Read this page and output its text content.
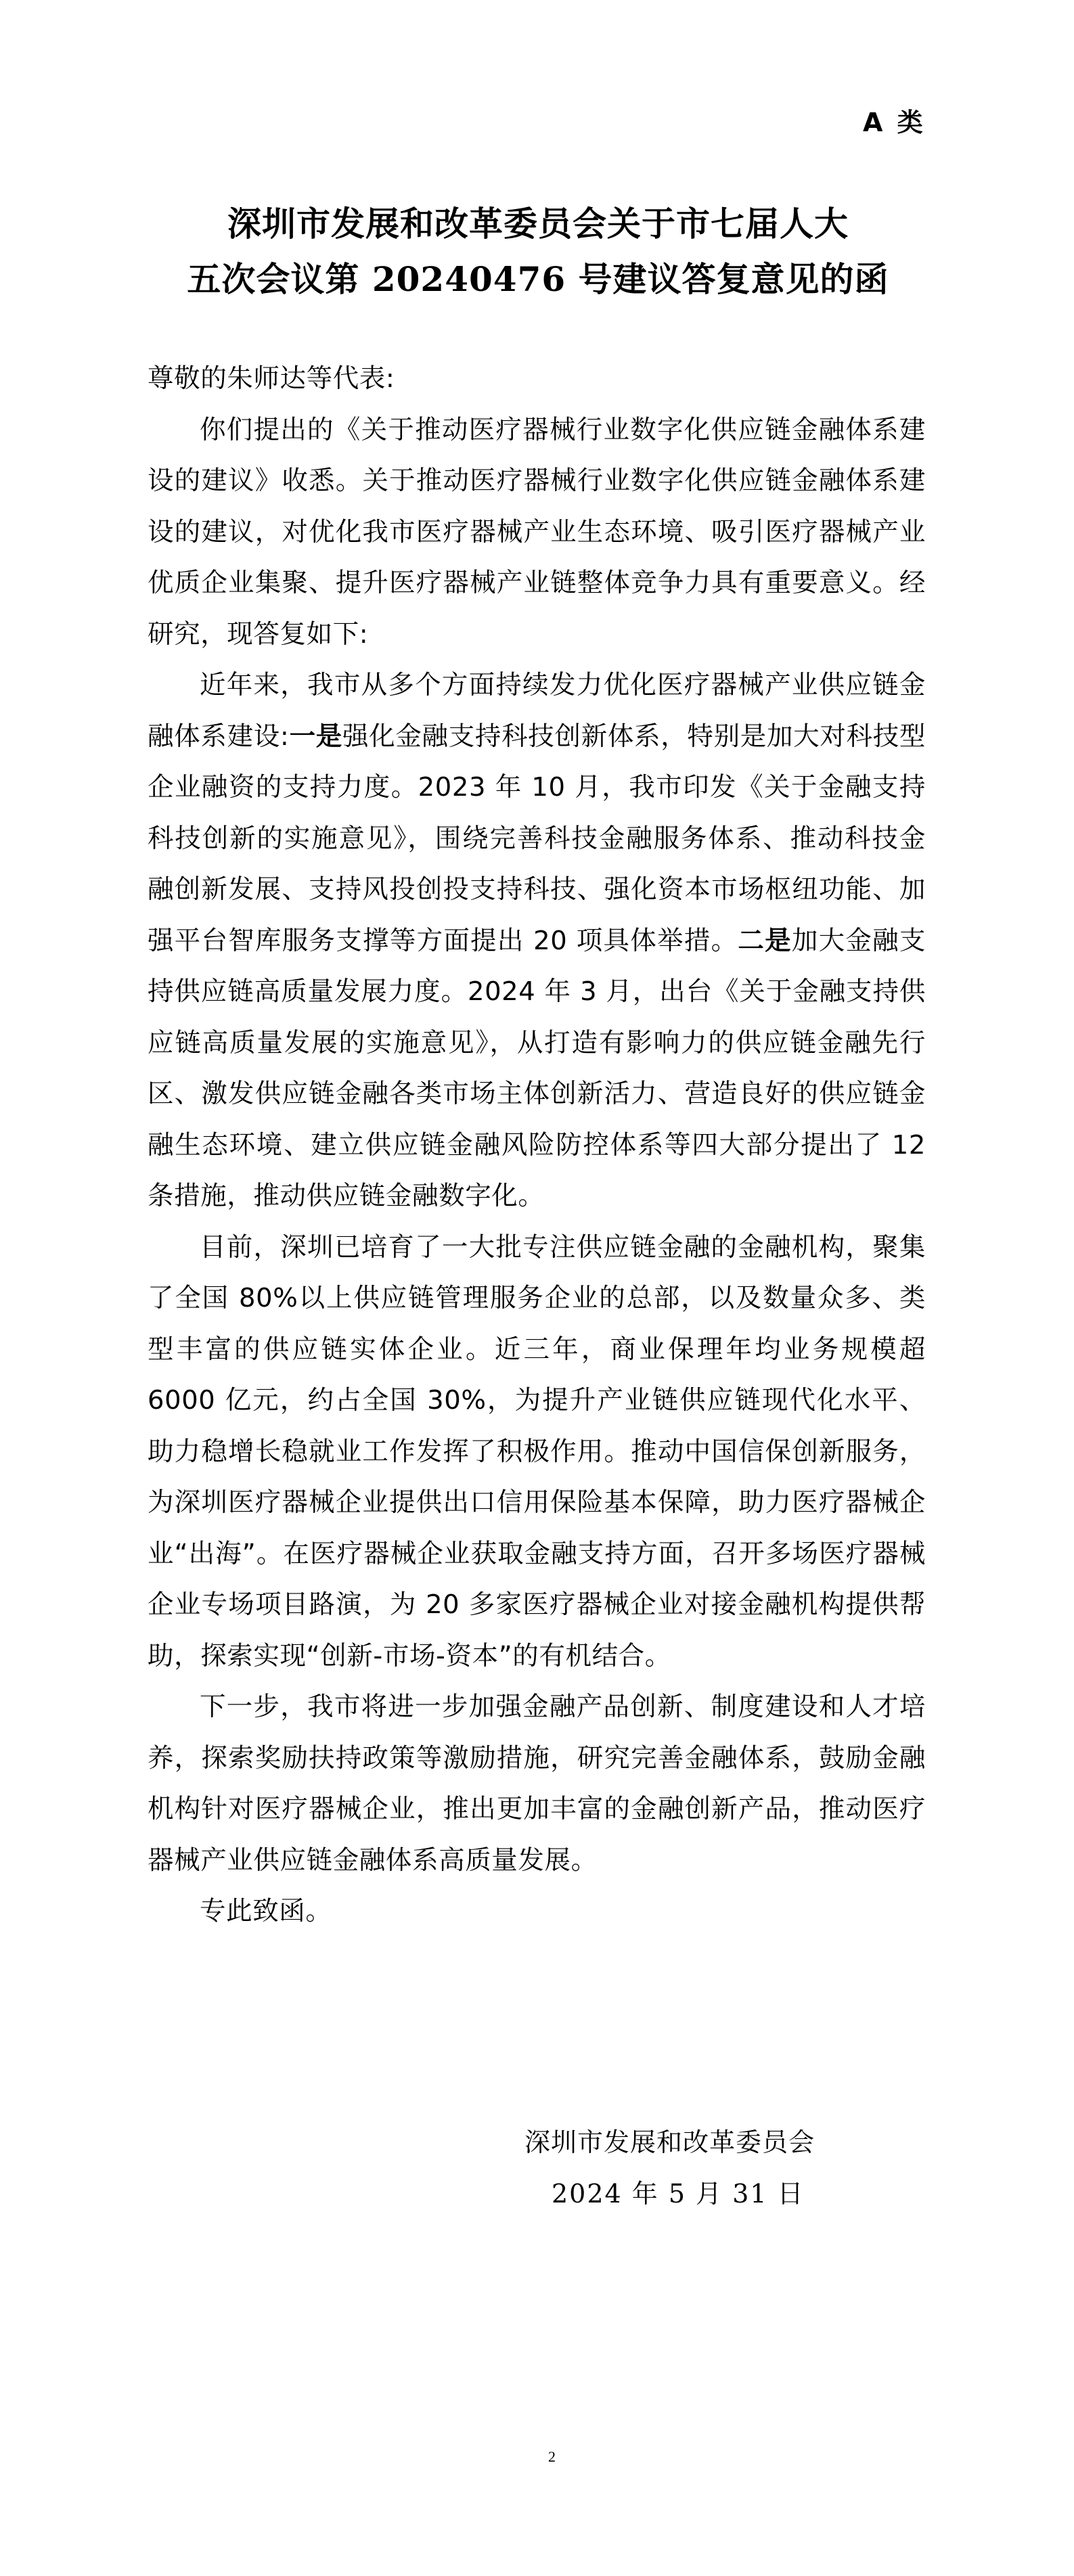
A 类
深圳市发展和改革委员会关于市七届人大
五次会议第 20240476 号建议答复意见的函

尊敬的朱师达等代表:

你们提出的《关于推动医疗器械行业数字化供应链金融体系建设的建议》收悉。关于推动医疗器械行业数字化供应链金融体系建设的建议，对优化我市医疗器械产业生态环境、吸引医疗器械产业优质企业集聚、提升医疗器械产业链整体竞争力具有重要意义。经研究，现答复如下:

近年来，我市从多个方面持续发力优化医疗器械产业供应链金融体系建设:一是强化金融支持科技创新体系，特别是加大对科技型企业融资的支持力度。2023 年 10 月，我市印发《关于金融支持科技创新的实施意见》，围绕完善科技金融服务体系、推动科技金融创新发展、支持风投创投支持科技、强化资本市场枢纽功能、加强平台智库服务支撑等方面提出 20 项具体举措。二是加大金融支持供应链高质量发展力度。2024 年 3 月，出台《关于金融支持供应链高质量发展的实施意见》，从打造有影响力的供应链金融先行区、激发供应链金融各类市场主体创新活力、营造良好的供应链金融生态环境、建立供应链金融风险防控体系等四大部分提出了 12 条措施，推动供应链金融数字化。

目前，深圳已培育了一大批专注供应链金融的金融机构，聚集了全国 80%以上供应链管理服务企业的总部，以及数量众多、类型丰富的供应链实体企业。近三年，商业保理年均业务规模超 6000 亿元，约占全国 30%，为提升产业链供应链现代化水平、助力稳增长稳就业工作发挥了积极作用。推动中国信保创新服务，为深圳医疗器械企业提供出口信用保险基本保障，助力医疗器械企业“出海”。在医疗器械企业获取金融支持方面，召开多场医疗器械企业专场项目路演，为 20 多家医疗器械企业对接金融机构提供帮助，探索实现“创新-市场-资本”的有机结合。

下一步，我市将进一步加强金融产品创新、制度建设和人才培养，探索奖励扶持政策等激励措施，研究完善金融体系，鼓励金融机构针对医疗器械企业，推出更加丰富的金融创新产品，推动医疗器械产业供应链金融体系高质量发展。

专此致函。

深圳市发展和改革委员会
2024 年 5 月 31 日
2
